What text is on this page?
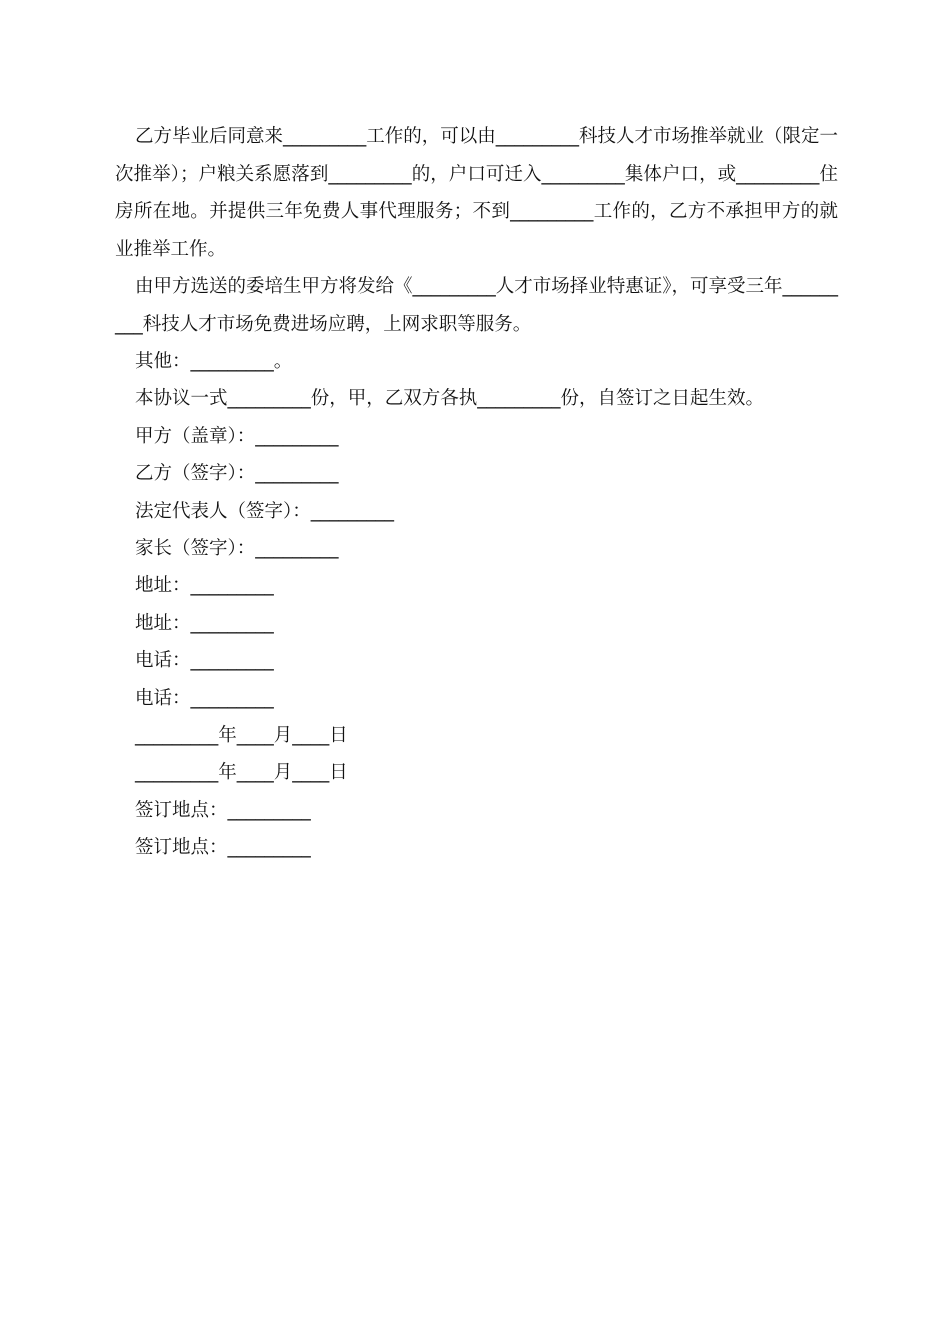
乙方毕业后同意来_________工作的，可以由_________科技人才市场推举就业（限定一次推举）；户粮关系愿落到_________的，户口可迁入_________集体户口，或_________住房所在地。并提供三年免费人事代理服务；不到_________工作的，乙方不承担甲方的就业推举工作。

由甲方选送的委培生甲方将发给《_________人才市场择业特惠证》，可享受三年_________科技人才市场免费进场应聘，上网求职等服务。

其他：_________。

本协议一式_________份，甲，乙双方各执_________份，自签订之日起生效。

甲方（盖章）：_________

乙方（签字）：_________

法定代表人（签字）：_________

家长（签字）：_________

地址：_________

地址：_________

电话：_________

电话：_________

_________年____月____日

_________年____月____日

签订地点：_________

签订地点：_________
